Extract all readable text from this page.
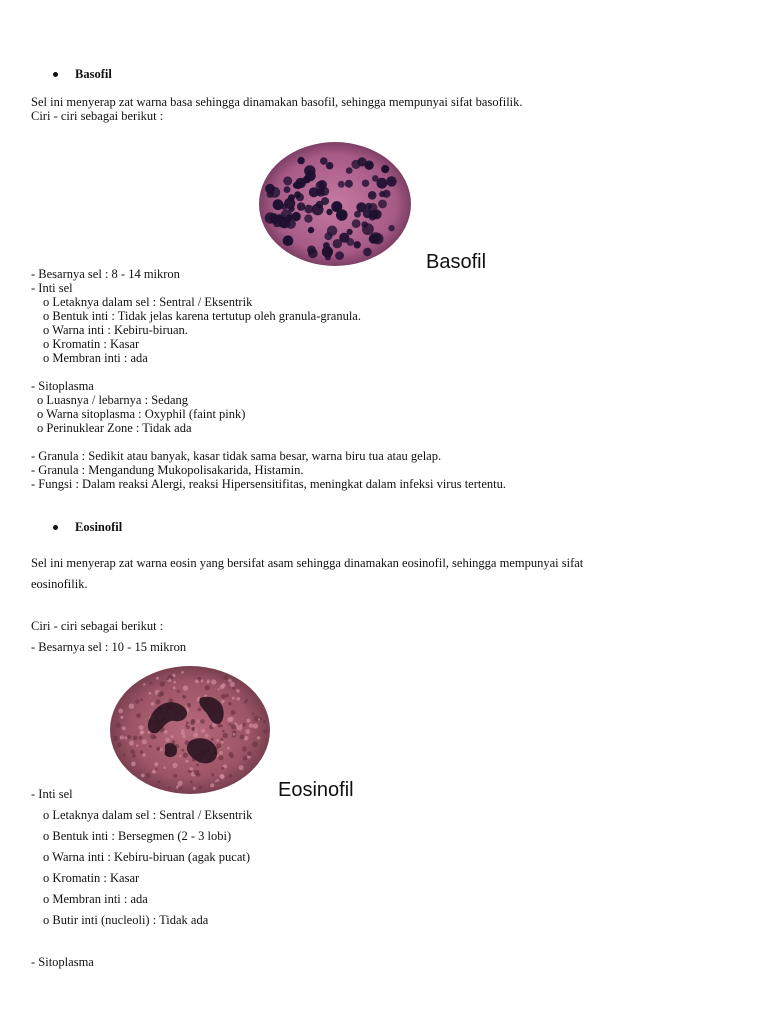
Basofil
Sel ini menyerap zat warna basa sehingga dinamakan basofil, sehingga mempunyai sifat basofilik.
Ciri - ciri sebagai berikut :
Basofil
- Besarnya sel : 8 - 14 mikron
- Inti sel
o Letaknya dalam sel : Sentral / Eksentrik
o Bentuk inti : Tidak jelas karena tertutup oleh granula-granula.
o Warna inti : Kebiru-biruan.
o Kromatin : Kasar
o Membran inti : ada
- Sitoplasma
o Luasnya / lebarnya : Sedang
o Warna sitoplasma : Oxyphil (faint pink)
o Perinuklear Zone : Tidak ada
- Granula : Sedikit atau banyak, kasar tidak sama besar, warna biru tua atau gelap.
- Granula : Mengandung Mukopolisakarida, Histamin.
- Fungsi : Dalam reaksi Alergi, reaksi Hipersensitifitas, meningkat dalam infeksi virus tertentu.
Eosinofil
Sel ini menyerap zat warna eosin yang bersifat asam sehingga dinamakan eosinofil, sehingga mempunyai sifat
eosinofilik.
Ciri - ciri sebagai berikut :
- Besarnya sel : 10 - 15 mikron
Eosinofil
- Inti sel
o Letaknya dalam sel : Sentral / Eksentrik
o Bentuk inti : Bersegmen (2 - 3 lobi)
o Warna inti : Kebiru-biruan (agak pucat)
o Kromatin : Kasar
o Membran inti : ada
o Butir inti (nucleoli) : Tidak ada
- Sitoplasma
